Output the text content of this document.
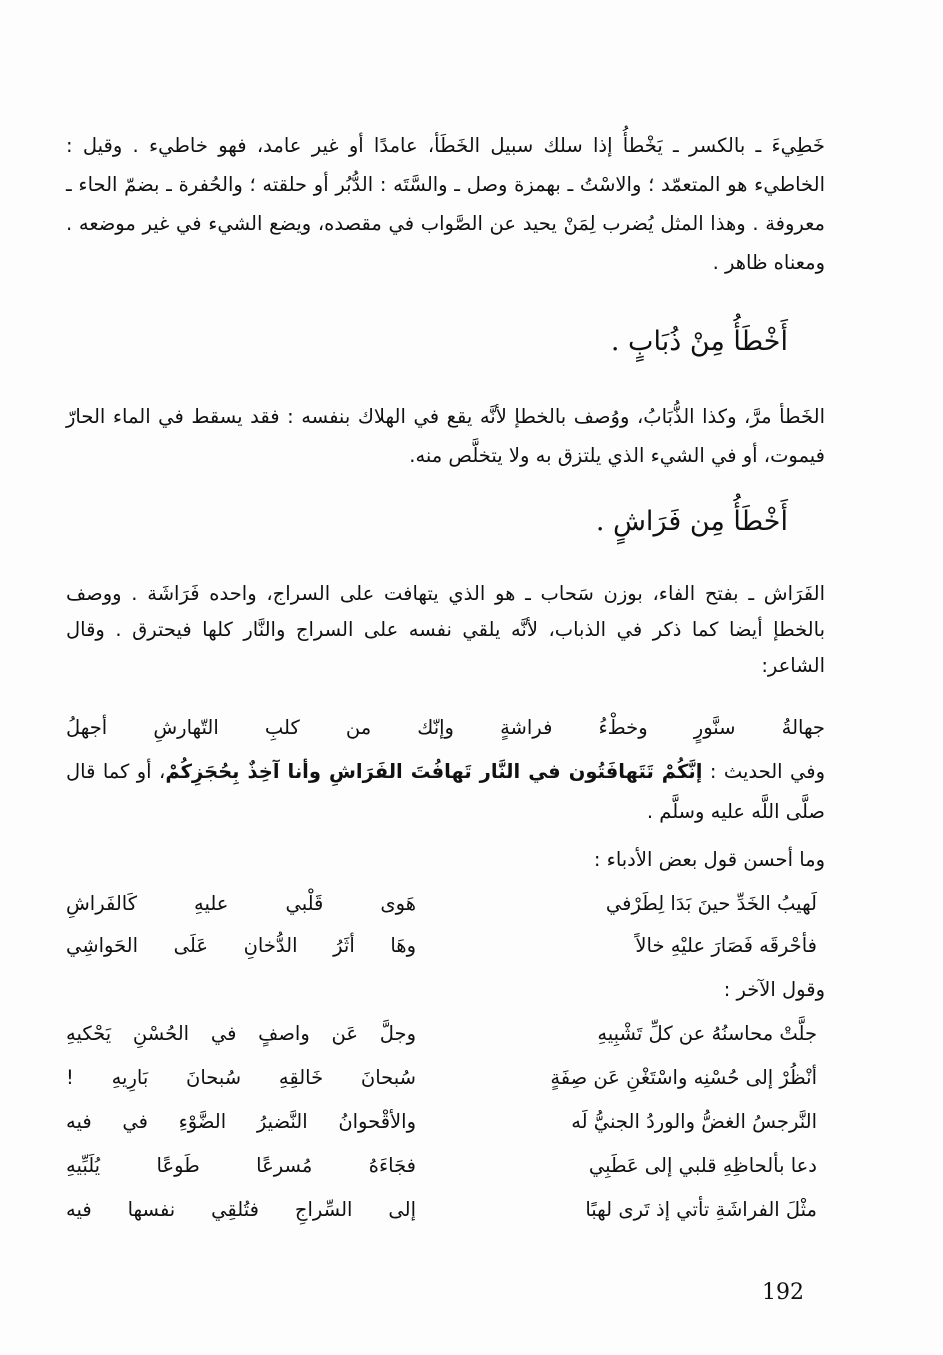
خَطِيءَ ـ بالكسر ـ يَخْطأُ إذا سلك سبيل الخَطَأ، عامدًا أو غير عامد، فهو خاطيء . وقيل : الخاطيء هو المتعمّد ؛ والاسْتُ ـ بهمزة وصل ـ والسَّتَه : الدُّبُر أو حلقته ؛ والحُفرة ـ بضمّ الحاء ـ معروفة . وهذا المثل يُضرب لِمَنْ يحيد عن الصَّواب في مقصده، ويضع الشيء في غير موضعه . ومعناه ظاهر .
أَخْطَأُ مِنْ ذُبَابٍ .
الخَطأ مرَّ، وكذا الذُّبَابُ، ووُصف بالخطإ لأنَّه يقع في الهلاك بنفسه : فقد يسقط في الماء الحارّ فيموت، أو في الشيء الذي يلتزق به ولا يتخلَّص منه.
أَخْطَأُ مِن فَرَاشٍ .
الفَرَاش ـ بفتح الفاء، بوزن سَحاب ـ هو الذي يتهافت على السراج، واحده فَرَاشَة . ووصف بالخطإ أيضا كما ذكر في الذباب، لأنَّه يلقي نفسه على السراج والنَّار كلها فيحترق . وقال الشاعر:
جهالةُ سنَّورٍ وخطْءُ فراشةٍ وإنّك من كلبِ التّهارشِ أجهلُ
وفي الحديث : إنَّكُمْ تَتَهافَتُون في النَّار تَهافُتَ الفَرَاشِ وأنا آخِذٌ بِحُجَزِكُمْ، أو كما قال صلَّى اللَّه عليه وسلَّم .
وما أحسن قول بعض الأدباء :
لَهيبُ الخَدِّ حينَ بَدَا لِطَرْفي
هَوى قَلْبي عليهِ كَالفَراشِ
فأحْرقَه فَصَارَ عليْهِ خالاً
وهَا أثَرُ الدُّخانِ عَلَى الحَواشِي
وقول الآخر :
جلَّتْ محاسنُهُ عن كلِّ تَشْبِيهِ
وجلَّ عَن واصفٍ في الحُسْنِ يَحْكيهِ
أنْظُرْ إلى حُسْنِه واسْتَغْنِ عَن صِفَةٍ
سُبحانَ خَالقِهِ سُبحانَ بَارِيهِ !
النَّرجسُ الغضُّ والوردُ الجنيُّ لَه
والأقْحوانُ النَّضيرُ الضَّوْءِ في فيه
دعا بألحاظِهِ قلبي إلى عَطَبِي
فجَاءَهُ مُسرعًا طَوعًا يُلَبِّيهِ
مثْلَ الفراشَةِ تأتي إذ تَرى لهبًا
إلى السِّراجِ فتُلقِي نفسها فيه
192
